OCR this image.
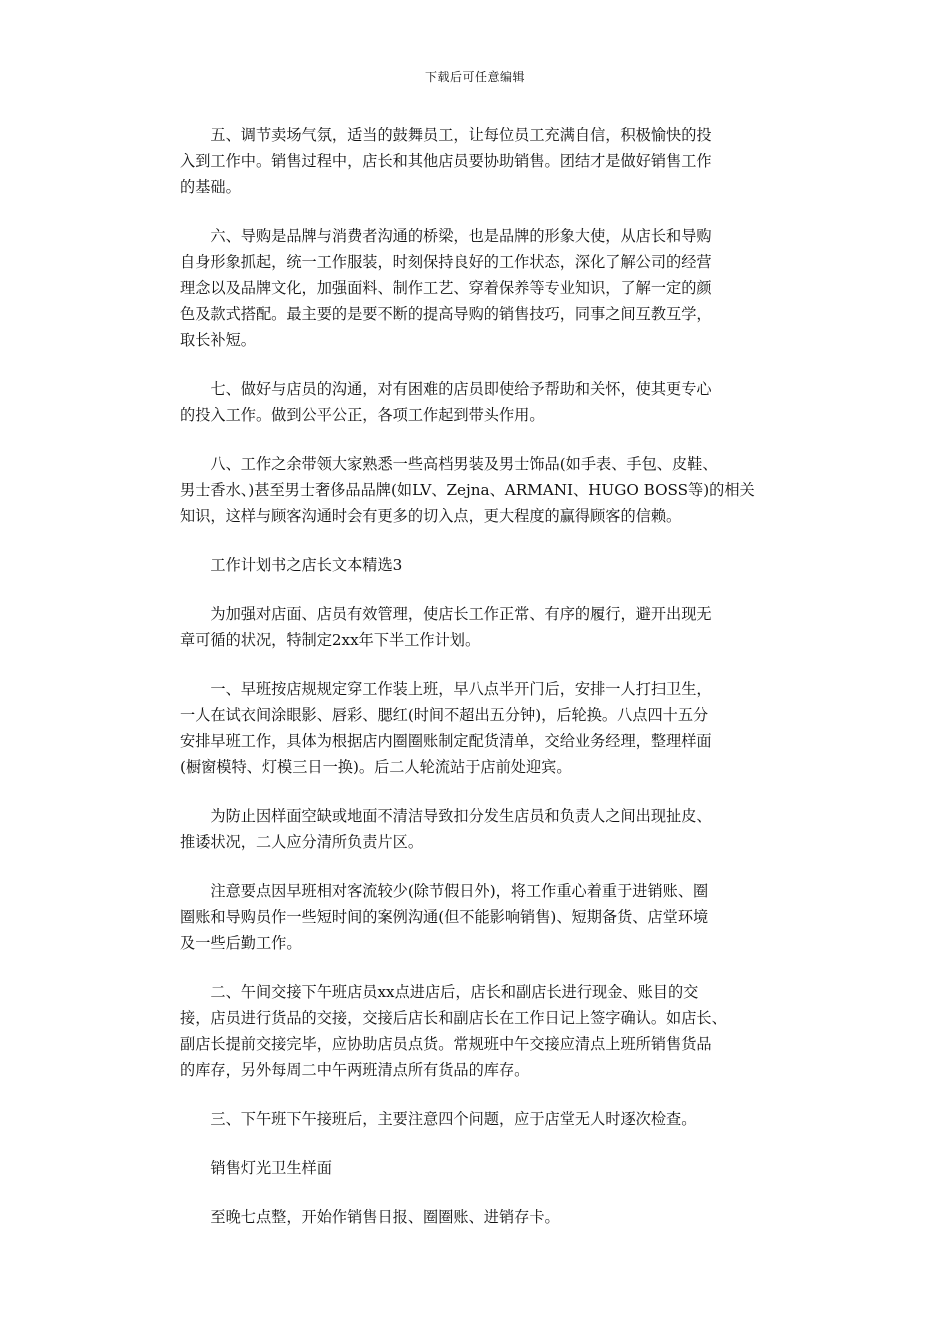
下载后可任意编辑

五、调节卖场气氛，适当的鼓舞员工，让每位员工充满自信，积极愉快的投
入到工作中。销售过程中，店长和其他店员要协助销售。团结才是做好销售工作
的基础。

六、导购是品牌与消费者沟通的桥梁，也是品牌的形象大使，从店长和导购
自身形象抓起，统一工作服装，时刻保持良好的工作状态，深化了解公司的经营
理念以及品牌文化，加强面料、制作工艺、穿着保养等专业知识，了解一定的颜
色及款式搭配。最主要的是要不断的提高导购的销售技巧，同事之间互教互学，
取长补短。

七、做好与店员的沟通，对有困难的店员即使给予帮助和关怀，使其更专心
的投入工作。做到公平公正，各项工作起到带头作用。

八、工作之余带领大家熟悉一些高档男装及男士饰品(如手表、手包、皮鞋、
男士香水、)甚至男士奢侈品品牌(如LV、Zejna、ARMANI、HUGO BOSS等)的相关
知识，这样与顾客沟通时会有更多的切入点，更大程度的赢得顾客的信赖。

工作计划书之店长文本精选3

为加强对店面、店员有效管理，使店长工作正常、有序的履行，避开出现无
章可循的状况，特制定2xx年下半工作计划。

一、早班按店规规定穿工作装上班，早八点半开门后，安排一人打扫卫生，
一人在试衣间涂眼影、唇彩、腮红(时间不超出五分钟)，后轮换。八点四十五分
安排早班工作，具体为根据店内圈圈账制定配货清单，交给业务经理，整理样面
(橱窗模特、灯模三日一换)。后二人轮流站于店前处迎宾。

为防止因样面空缺或地面不清洁导致扣分发生店员和负责人之间出现扯皮、
推诿状况，二人应分清所负责片区。

注意要点因早班相对客流较少(除节假日外)，将工作重心着重于进销账、圈
圈账和导购员作一些短时间的案例沟通(但不能影响销售)、短期备货、店堂环境
及一些后勤工作。

二、午间交接下午班店员xx点进店后，店长和副店长进行现金、账目的交
接，店员进行货品的交接，交接后店长和副店长在工作日记上签字确认。如店长、
副店长提前交接完毕，应协助店员点货。常规班中午交接应清点上班所销售货品
的库存，另外每周二中午两班清点所有货品的库存。

三、下午班下午接班后，主要注意四个问题，应于店堂无人时逐次检查。

销售灯光卫生样面

至晚七点整，开始作销售日报、圈圈账、进销存卡。
